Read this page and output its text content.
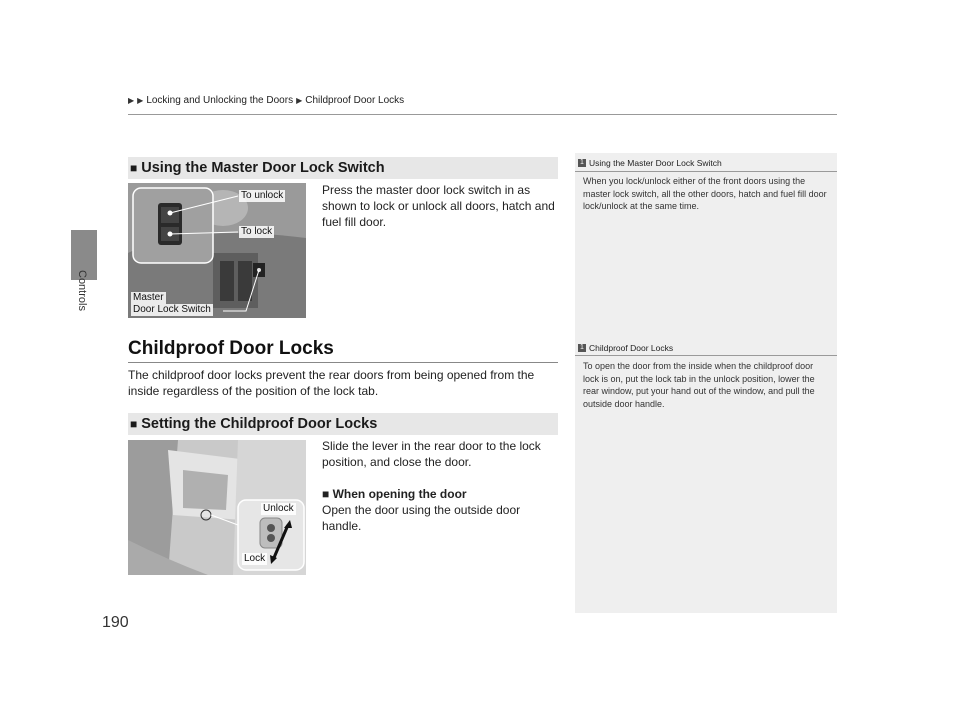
▶ ▶ Locking and Unlocking the Doors ▶ Childproof Door Locks
Controls
■ Using the Master Door Lock Switch
To unlock
To lock
Master
Door Lock Switch
Press the master door lock switch in as shown to lock or unlock all doors, hatch and fuel fill door.
Childproof Door Locks
The childproof door locks prevent the rear doors from being opened from the inside regardless of the position of the lock tab.
■ Setting the Childproof Door Locks
Unlock
Lock
Slide the lever in the rear door to the lock position, and close the door.
■ When opening the door
Open the door using the outside door handle.
1 Using the Master Door Lock Switch
When you lock/unlock either of the front doors using the master lock switch, all the other doors, hatch and fuel fill door lock/unlock at the same time.
1 Childproof Door Locks
To open the door from the inside when the childproof door lock is on, put the lock tab in the unlock position, lower the rear window, put your hand out of the window, and pull the outside door handle.
190
